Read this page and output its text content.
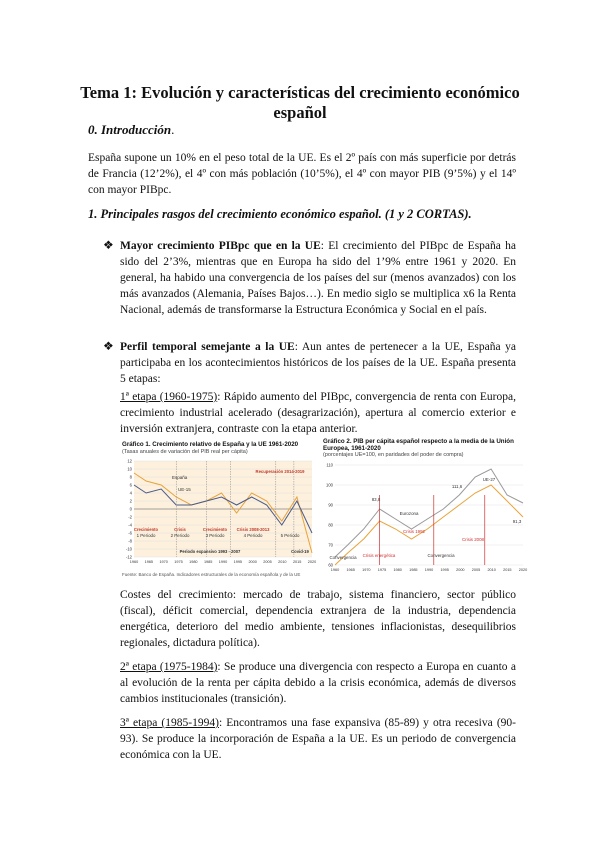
Tema 1: Evolución y características del crecimiento económico español
0. Introducción.
España supone un 10% en el peso total de la UE. Es el 2º país con más superficie por detrás de Francia (12’2%), el 4º con más población (10’5%), el 4º con mayor PIB (9’5%) y el 14º con mayor PIBpc.
1. Principales rasgos del crecimiento económico español. (1 y 2 CORTAS).
❖ Mayor crecimiento PIBpc que en la UE: El crecimiento del PIBpc de España ha sido del 2’3%, mientras que en Europa ha sido del 1’9% entre 1961 y 2020. En general, ha habido una convergencia de los países del sur (menos avanzados) con los más avanzados (Alemania, Países Bajos…). En medio siglo se multiplica x6 la Renta Nacional, además de transformarse la Estructura Económica y Social en el país.
❖ Perfil temporal semejante a la UE: Aun antes de pertenecer a la UE, España ya participaba en los acontecimientos históricos de los países de la UE. España presenta 5 etapas:
1ª etapa (1960-1975): Rápido aumento del PIBpc, convergencia de renta con Europa, crecimiento industrial acelerado (desagrarización), apertura al comercio exterior e inversión extranjera, contraste con la etapa anterior.
Gráfico 1. Crecimiento relativo de España y la UE 1961-2020
(Tasas anuales de variación del PIB real per cápita)
12
10
8
6
4
2
0
-2
-4
-6
-8
-10
-12
1960 1965 1970 1975 1980 1985 1990 1995 2000 2005 2010 2015 2020
1 Periodo	2 Periodo	3 Periodo	4 Periodo	5 Periodo
Crecimiento	Crisis	Crecimiento Crisis 2008-2013
Recuperación 2014-2019
Periodo expansivo 1993 - 2007	Covid-19
España
UE-15
Fuente: Banco de España. Indicadores estructurales de la economía española y de la UE
Gráfico 2. PIB per cápita español respecto a la media de la Unión Europea, 1961-2020
(porcentajes UE=100, en paridades del poder de compra)
110
100
90
80
70
60
1960 1965 1970 1975 1980 1985 1990 1995 2000 2005 2010 2015 2020
Convergencia Crisis energética	Convergencia
Crisis 1992
Crisis 2008
Eurozona
UE-27
83,8
111,6
91,3
Costes del crecimiento: mercado de trabajo, sistema financiero, sector público (fiscal), déficit comercial, dependencia extranjera de la industria, dependencia energética, deterioro del medio ambiente, tensiones inflacionistas, desequilibrios regionales, dictadura política).
2ª etapa (1975-1984): Se produce una divergencia con respecto a Europa en cuanto a al evolución de la renta per cápita debido a la crisis económica, además de diversos cambios institucionales (transición).
3ª etapa (1985-1994): Encontramos una fase expansiva (85-89) y otra recesiva (90-93). Se produce la incorporación de España a la UE. Es un periodo de convergencia económica con la UE.
